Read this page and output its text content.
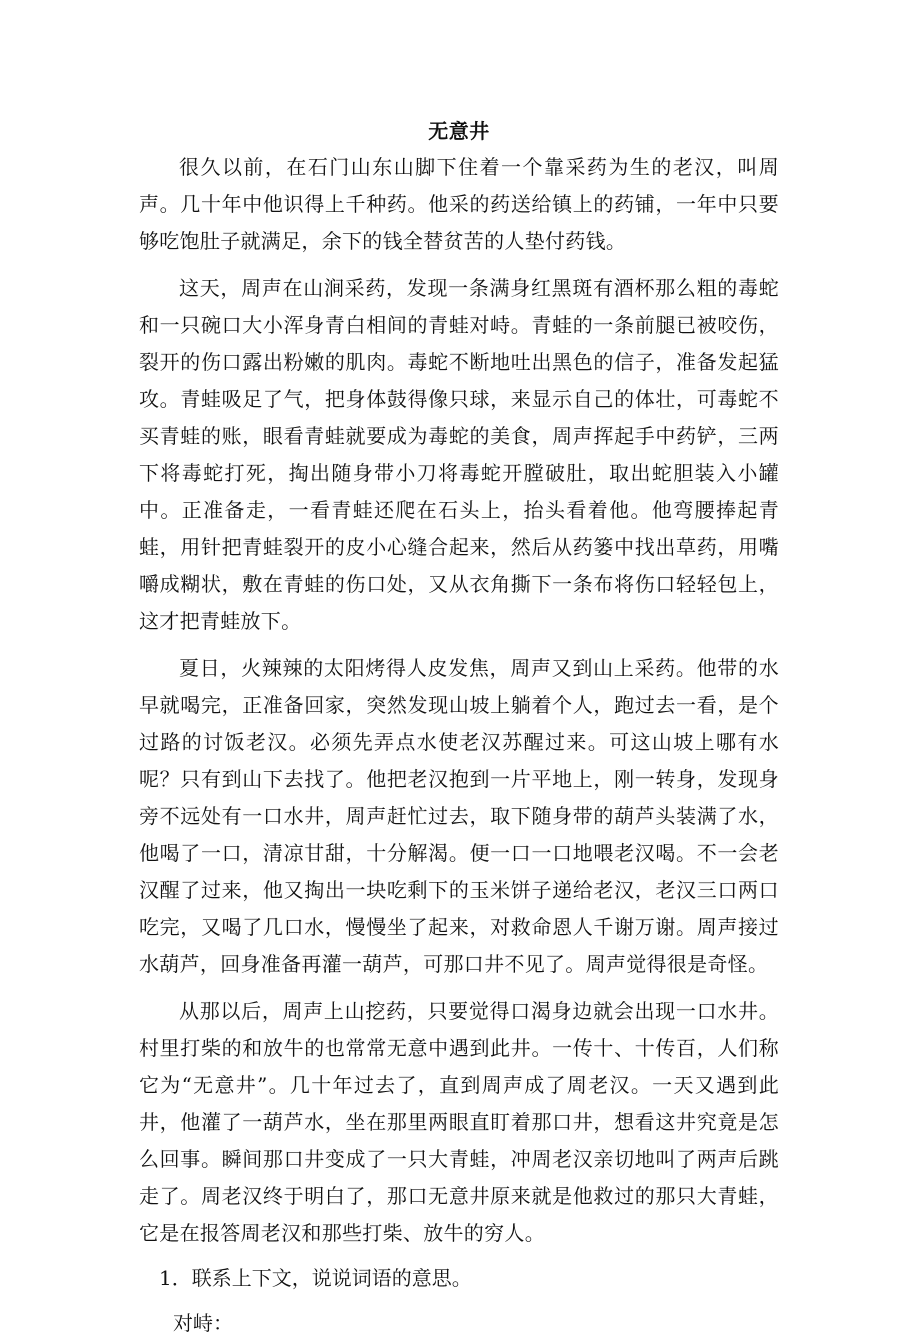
无意井

很久以前，在石门山东山脚下住着一个靠采药为生的老汉，叫周声。几十年中他识得上千种药。他采的药送给镇上的药铺，一年中只要够吃饱肚子就满足，余下的钱全替贫苦的人垫付药钱。

这天，周声在山涧采药，发现一条满身红黑斑有酒杯那么粗的毒蛇和一只碗口大小浑身青白相间的青蛙对峙。青蛙的一条前腿已被咬伤，裂开的伤口露出粉嫩的肌肉。毒蛇不断地吐出黑色的信子，准备发起猛攻。青蛙吸足了气，把身体鼓得像只球，来显示自己的体壮，可毒蛇不买青蛙的账，眼看青蛙就要成为毒蛇的美食，周声挥起手中药铲，三两下将毒蛇打死，掏出随身带小刀将毒蛇开膛破肚，取出蛇胆装入小罐中。正准备走，一看青蛙还爬在石头上，抬头看着他。他弯腰捧起青蛙，用针把青蛙裂开的皮小心缝合起来，然后从药篓中找出草药，用嘴嚼成糊状，敷在青蛙的伤口处，又从衣角撕下一条布将伤口轻轻包上，这才把青蛙放下。

夏日，火辣辣的太阳烤得人皮发焦，周声又到山上采药。他带的水早就喝完，正准备回家，突然发现山坡上躺着个人，跑过去一看，是个过路的讨饭老汉。必须先弄点水使老汉苏醒过来。可这山坡上哪有水呢？只有到山下去找了。他把老汉抱到一片平地上，刚一转身，发现身旁不远处有一口水井，周声赶忙过去，取下随身带的葫芦头装满了水，他喝了一口，清凉甘甜，十分解渴。便一口一口地喂老汉喝。不一会老汉醒了过来，他又掏出一块吃剩下的玉米饼子递给老汉，老汉三口两口吃完，又喝了几口水，慢慢坐了起来，对救命恩人千谢万谢。周声接过水葫芦，回身准备再灌一葫芦，可那口井不见了。周声觉得很是奇怪。

从那以后，周声上山挖药，只要觉得口渴身边就会出现一口水井。村里打柴的和放牛的也常常无意中遇到此井。一传十、十传百，人们称它为“无意井”。几十年过去了，直到周声成了周老汉。一天又遇到此井，他灌了一葫芦水，坐在那里两眼直盯着那口井，想看这井究竟是怎么回事。瞬间那口井变成了一只大青蛙，冲周老汉亲切地叫了两声后跳走了。周老汉终于明白了，那口无意井原来就是他救过的那只大青蛙，它是在报答周老汉和那些打柴、放牛的穷人。

1．联系上下文，说说词语的意思。

对峙：
